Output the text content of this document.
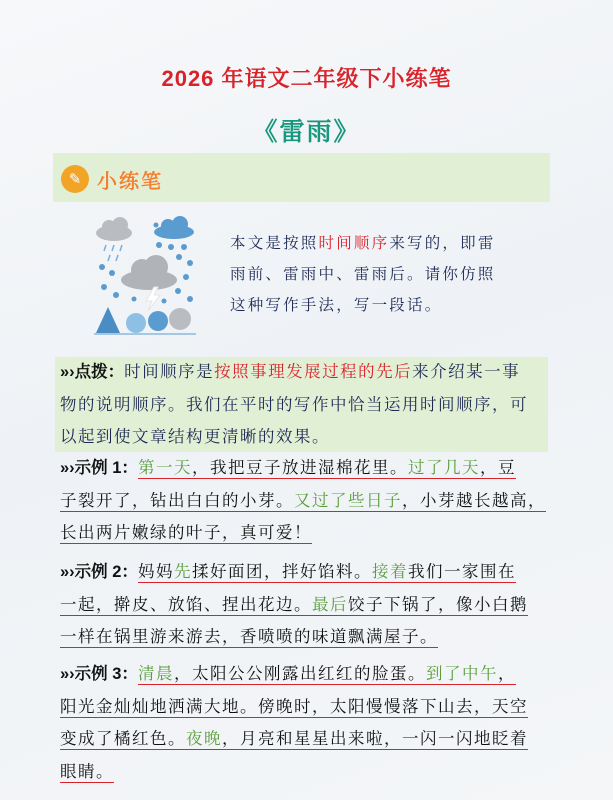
2026 年语文二年级下小练笔
《雷雨》
✎ 小练笔
本文是按照时间顺序来写的，即雷
雨前、雷雨中、雷雨后。请你仿照
这种写作手法，写一段话。
»›点拨：时间顺序是按照事理发展过程的先后来介绍某一事
物的说明顺序。我们在平时的写作中恰当运用时间顺序，可
以起到使文章结构更清晰的效果。
»›示例 1：第一天，我把豆子放进湿棉花里。过了几天，豆
子裂开了，钻出白白的小芽。又过了些日子，小芽越长越高，
长出两片嫩绿的叶子，真可爱！
»›示例 2：妈妈先揉好面团，拌好馅料。接着我们一家围在
一起，擀皮、放馅、捏出花边。最后饺子下锅了，像小白鹅
一样在锅里游来游去，香喷喷的味道飘满屋子。
»›示例 3：清晨，太阳公公刚露出红红的脸蛋。到了中午，
阳光金灿灿地洒满大地。傍晚时，太阳慢慢落下山去，天空
变成了橘红色。夜晚，月亮和星星出来啦，一闪一闪地眨着
眼睛。
